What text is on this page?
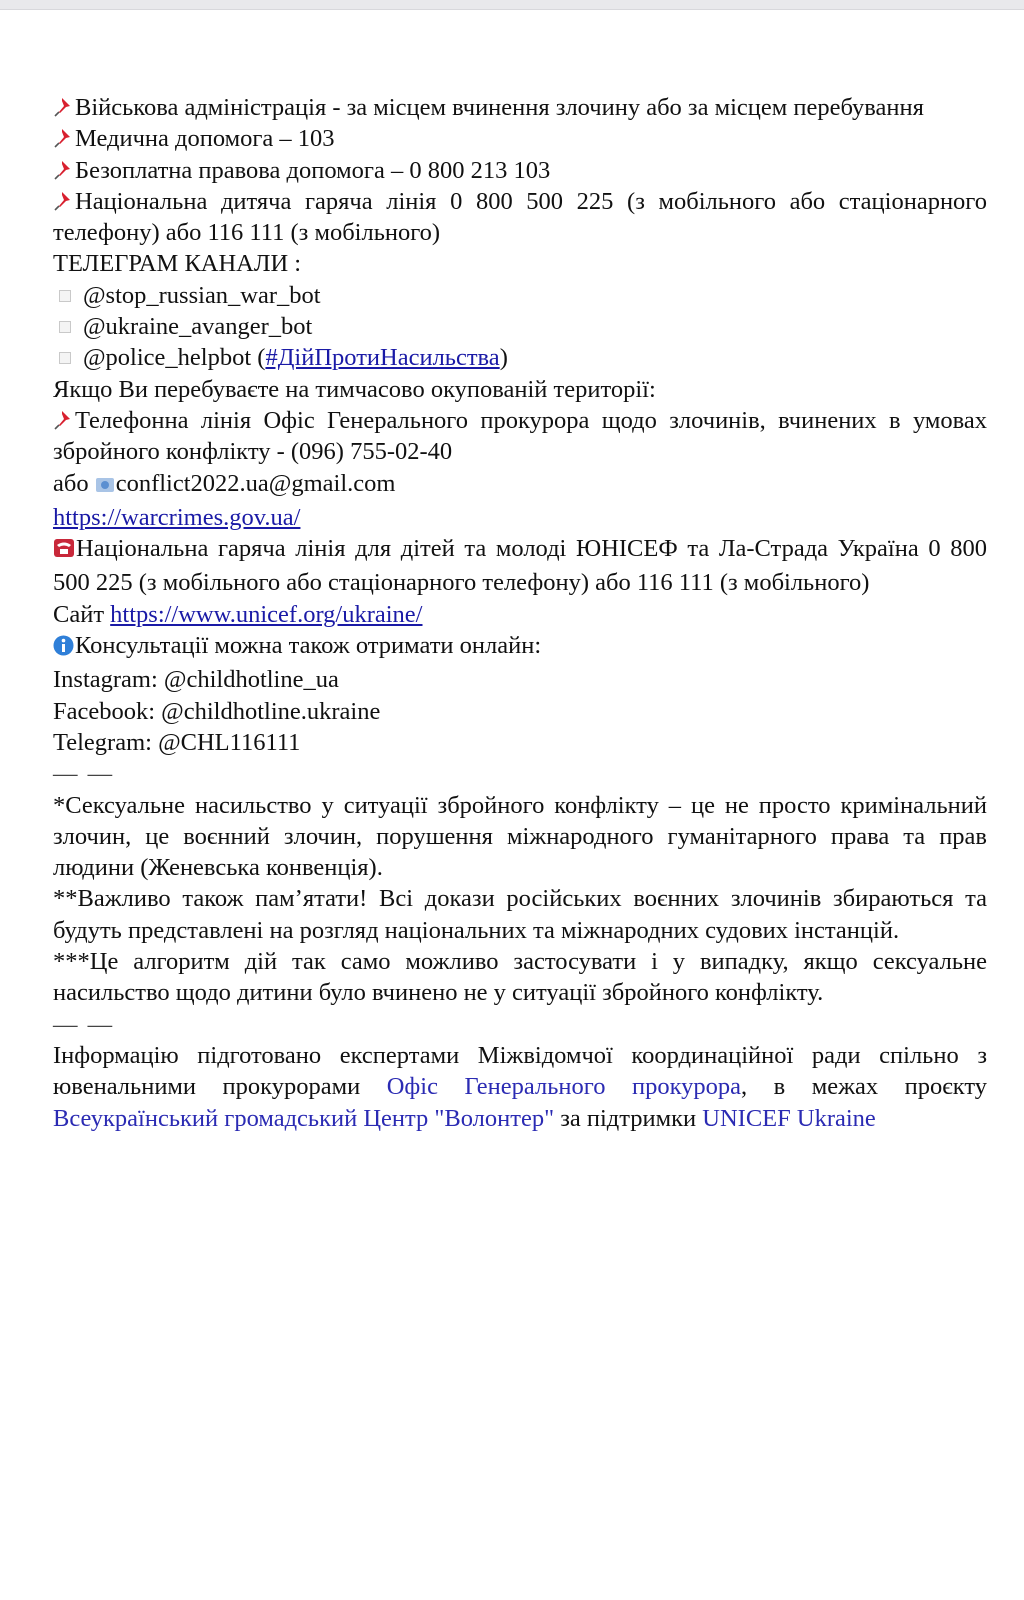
Військова адміністрація - за місцем вчинення злочину або за місцем перебування
Медична допомога – 103
Безоплатна правова допомога – 0 800 213 103
Національна дитяча гаряча лінія 0 800 500 225 (з мобільного або стаціонарного телефону) або 116 111 (з мобільного)
ТЕЛЕГРАМ КАНАЛИ :
@stop_russian_war_bot
@ukraine_avanger_bot
@police_helpbot (#ДійПротиНасильства)
Якщо Ви перебуваєте на тимчасово окупованій території:
Телефонна лінія Офіс Генерального прокурора щодо злочинів, вчинених в умовах збройного конфлікту - (096) 755-02-40
або conflict2022.ua@gmail.com
https://warcrimes.gov.ua/
Національна гаряча лінія для дітей та молоді ЮНІСЕФ та Ла-Страда Україна 0 800 500 225 (з мобільного або стаціонарного телефону) або 116 111 (з мобільного)
Сайт https://www.unicef.org/ukraine/
Консультації можна також отримати онлайн:
Instagram: @childhotline_ua
Facebook: @childhotline.ukraine
Telegram: @CHL116111
— —
*Сексуальне насильство у ситуації збройного конфлікту – це не просто кримінальний злочин, це воєнний злочин, порушення міжнародного гуманітарного права та прав людини (Женевська конвенція).
**Важливо також пам’ятати! Всі докази російських воєнних злочинів збираються та будуть представлені на розгляд національних та міжнародних судових інстанцій.
***Це алгоритм дій так само можливо застосувати і у випадку, якщо сексуальне насильство щодо дитини було вчинено не у ситуації збройного конфлікту.
— —
Інформацію підготовано експертами Міжвідомчої координаційної ради спільно з ювенальними прокурорами Офіс Генерального прокурора, в межах проєкту Всеукраїнський громадський Центр "Волонтер" за підтримки UNICEF Ukraine
